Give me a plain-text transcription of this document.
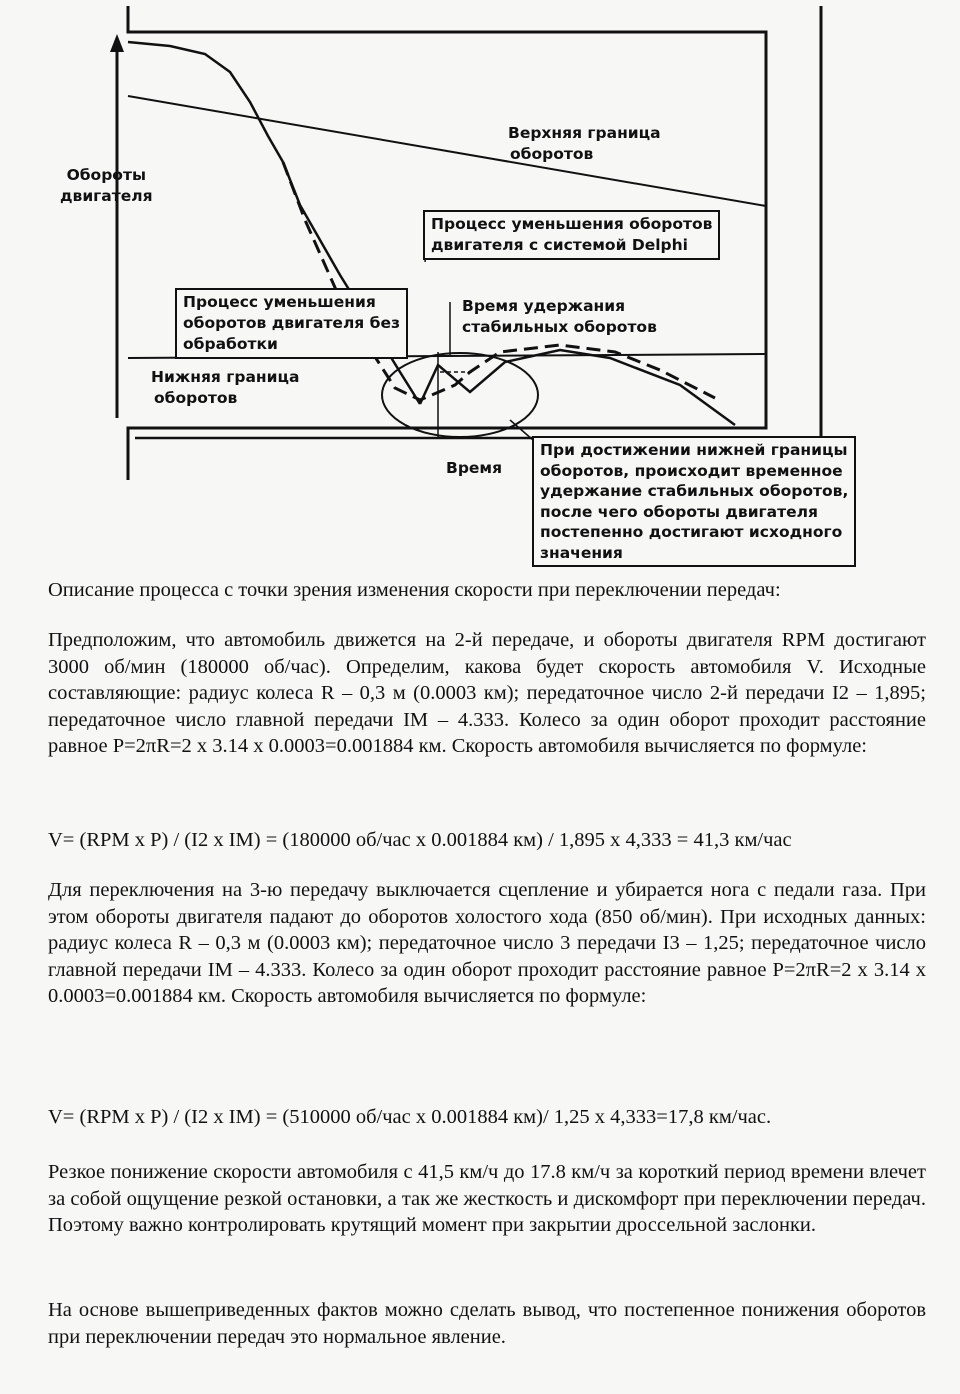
Обороты
двигателя
Верхняя граница
оборотов
Процесс уменьшения оборотов
двигателя с системой Delphi
Процесс уменьшения
оборотов двигателя без
обработки
Время удержания
стабильных оборотов
Нижняя граница
оборотов
Время
При достижении нижней границы
оборотов, происходит временное
удержание стабильных оборотов,
после чего обороты двигателя
постепенно достигают исходного
значения
Описание процесса с точки зрения изменения скорости при переключении передач:
Предположим, что автомобиль движется на 2-й передаче, и обороты двигателя RPM достигают 3000 об/мин (180000 об/час). Определим, какова будет скорость автомобиля V. Исходные составляющие: радиус колеса R – 0,3 м (0.0003 км); передаточное число 2-й передачи I2 – 1,895; передаточное число главной передачи IM – 4.333. Колесо за один оборот проходит расстояние равное P=2πR=2 x 3.14 x 0.0003=0.001884 км. Скорость автомобиля вычисляется по формуле:
V= (RPM x P) / (I2 x IM) = (180000 об/час x 0.001884 км) / 1,895 x 4,333 = 41,3 км/час
Для переключения на 3-ю передачу выключается сцепление и убирается нога с педали газа. При этом обороты двигателя падают до оборотов холостого хода (850 об/мин). При исходных данных: радиус колеса R – 0,3 м (0.0003 км); передаточное число 3 передачи I3 – 1,25; передаточное число главной передачи IM – 4.333. Колесо за один оборот проходит расстояние равное P=2πR=2 x 3.14 x 0.0003=0.001884 км. Скорость автомобиля вычисляется по формуле:
V= (RPM x P) / (I2 x IM) = (510000 об/час x 0.001884 км)/ 1,25 x 4,333=17,8 км/час.
Резкое понижение скорости автомобиля с 41,5 км/ч до 17.8 км/ч за короткий период времени влечет за собой ощущение резкой остановки, а так же жесткость и дискомфорт при переключении передач. Поэтому важно контролировать крутящий момент при закрытии дроссельной заслонки.
На основе вышеприведенных фактов можно сделать вывод, что постепенное понижения оборотов при переключении передач это нормальное явление.
